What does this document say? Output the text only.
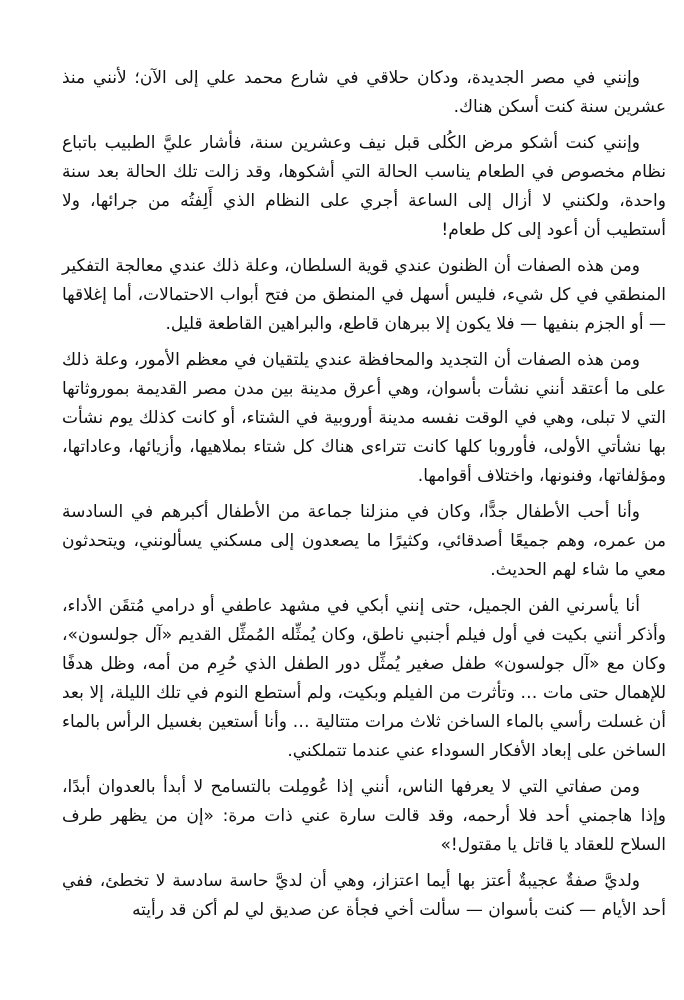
وإنني في مصر الجديدة، ودكان حلاقي في شارع محمد علي إلى الآن؛ لأنني منذ عشرين سنة كنت أسكن هناك.

وإنني كنت أشكو مرض الكُلى قبل نيف وعشرين سنة، فأشار عليَّ الطبيب باتباع نظام مخصوص في الطعام يناسب الحالة التي أشكوها، وقد زالت تلك الحالة بعد سنة واحدة، ولكنني لا أزال إلى الساعة أجري على النظام الذي أَلِفتُه من جرائها، ولا أستطيب أن أعود إلى كل طعام!

ومن هذه الصفات أن الظنون عندي قوية السلطان، وعلة ذلك عندي معالجة التفكير المنطقي في كل شيء، فليس أسهل في المنطق من فتح أبواب الاحتمالات، أما إغلاقها — أو الجزم بنفيها — فلا يكون إلا ببرهان قاطع، والبراهين القاطعة قليل.

ومن هذه الصفات أن التجديد والمحافظة عندي يلتقيان في معظم الأمور، وعلة ذلك على ما أعتقد أنني نشأت بأسوان، وهي أعرق مدينة بين مدن مصر القديمة بموروثاتها التي لا تبلى، وهي في الوقت نفسه مدينة أوروبية في الشتاء، أو كانت كذلك يوم نشأت بها نشأتي الأولى، فأوروبا كلها كانت تتراءى هناك كل شتاء بملاهيها، وأزيائها، وعاداتها، ومؤلفاتها، وفنونها، واختلاف أقوامها.

وأنا أحب الأطفال جدًّا، وكان في منزلنا جماعة من الأطفال أكبرهم في السادسة من عمره، وهم جميعًا أصدقائي، وكثيرًا ما يصعدون إلى مسكني يسألونني، ويتحدثون معي ما شاء لهم الحديث.

أنا يأسرني الفن الجميل، حتى إنني أبكي في مشهد عاطفي أو درامي مُتقَن الأداء، وأذكر أنني بكيت في أول فيلم أجنبي ناطق، وكان يُمثِّله المُمثِّل القديم «آل جولسون»، وكان مع «آل جولسون» طفل صغير يُمثِّل دور الطفل الذي حُرِم من أمه، وظل هدفًا للإهمال حتى مات … وتأثرت من الفيلم وبكيت، ولم أستطع النوم في تلك الليلة، إلا بعد أن غسلت رأسي بالماء الساخن ثلاث مرات متتالية … وأنا أستعين بغسيل الرأس بالماء الساخن على إبعاد الأفكار السوداء عني عندما تتملكني.

ومن صفاتي التي لا يعرفها الناس، أنني إذا عُومِلت بالتسامح لا أبدأ بالعدوان أبدًا، وإذا هاجمني أحد فلا أرحمه، وقد قالت سارة عني ذات مرة: «إن من يظهر طرف السلاح للعقاد يا قاتل يا مقتول!»

ولديَّ صفةٌ عجيبةٌ أعتز بها أيما اعتزاز، وهي أن لديَّ حاسة سادسة لا تخطئ، ففي أحد الأيام — كنت بأسوان — سألت أخي فجأة عن صديق لي لم أكن قد رأيته
